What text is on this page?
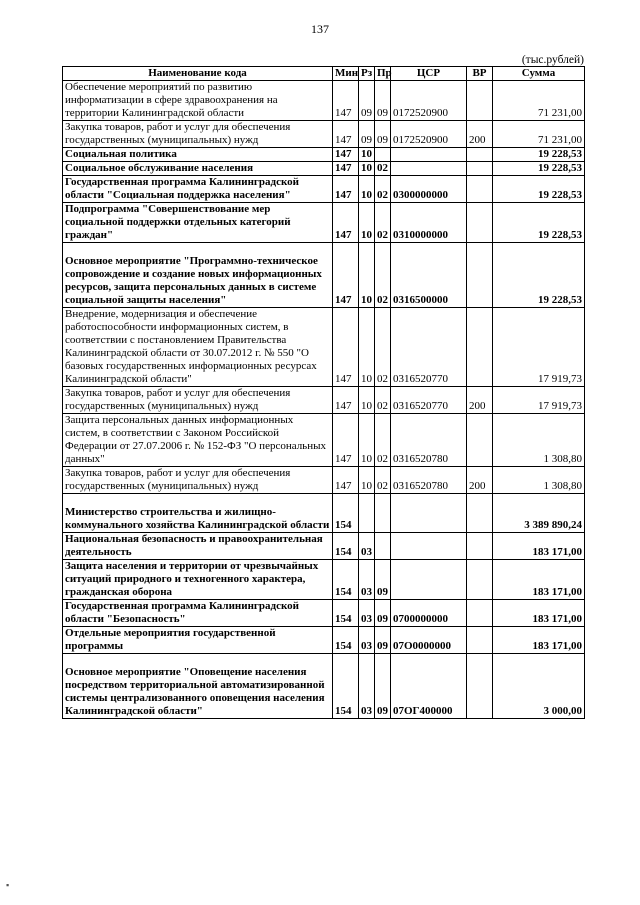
137
(тыс.рублей)
Наименование кода	Мин	Рз	Пр	ЦСР	ВР	Сумма
Обеспечение мероприятий по развитию информатизации в сфере здравоохранения на территории Калининградской области	147	09	09	0172520900		71 231,00
Закупка товаров, работ и услуг для обеспечения государственных (муниципальных) нужд	147	09	09	0172520900	200	71 231,00
Социальная политика	147	10				19 228,53
Социальное обслуживание населения	147	10	02			19 228,53
Государственная программа Калининградской области "Социальная поддержка населения"	147	10	02	0300000000		19 228,53
Подпрограмма "Совершенствование мер социальной поддержки отдельных категорий граждан"	147	10	02	0310000000		19 228,53
Основное мероприятие "Программно-техническое сопровождение и создание новых информационных ресурсов, защита персональных данных в системе социальной защиты населения"	147	10	02	0316500000		19 228,53
Внедрение, модернизация и обеспечение работоспособности информационных систем, в соответствии с постановлением Правительства Калининградской области от 30.07.2012 г. № 550 "О базовых государственных информационных ресурсах Калининградской области"	147	10	02	0316520770		17 919,73
Закупка товаров, работ и услуг для обеспечения государственных (муниципальных) нужд	147	10	02	0316520770	200	17 919,73
Защита персональных данных информационных систем, в соответствии с Законом Российской Федерации от 27.07.2006 г. № 152-ФЗ "О персональных данных"	147	10	02	0316520780		1 308,80
Закупка товаров, работ и услуг для обеспечения государственных (муниципальных) нужд	147	10	02	0316520780	200	1 308,80
Министерство строительства и жилищно-коммунального хозяйства Калининградской области	154					3 389 890,24
Национальная безопасность и правоохранительная деятельность	154	03				183 171,00
Защита населения и территории от чрезвычайных ситуаций природного и техногенного характера, гражданская оборона	154	03	09			183 171,00
Государственная программа Калининградской области "Безопасность"	154	03	09	0700000000		183 171,00
Отдельные мероприятия государственной программы	154	03	09	07О0000000		183 171,00
Основное мероприятие "Оповещение населения посредством территориальной автоматизированной системы централизованного оповещения населения Калининградской области"	154	03	09	07ОГ400000		3 000,00
▪
